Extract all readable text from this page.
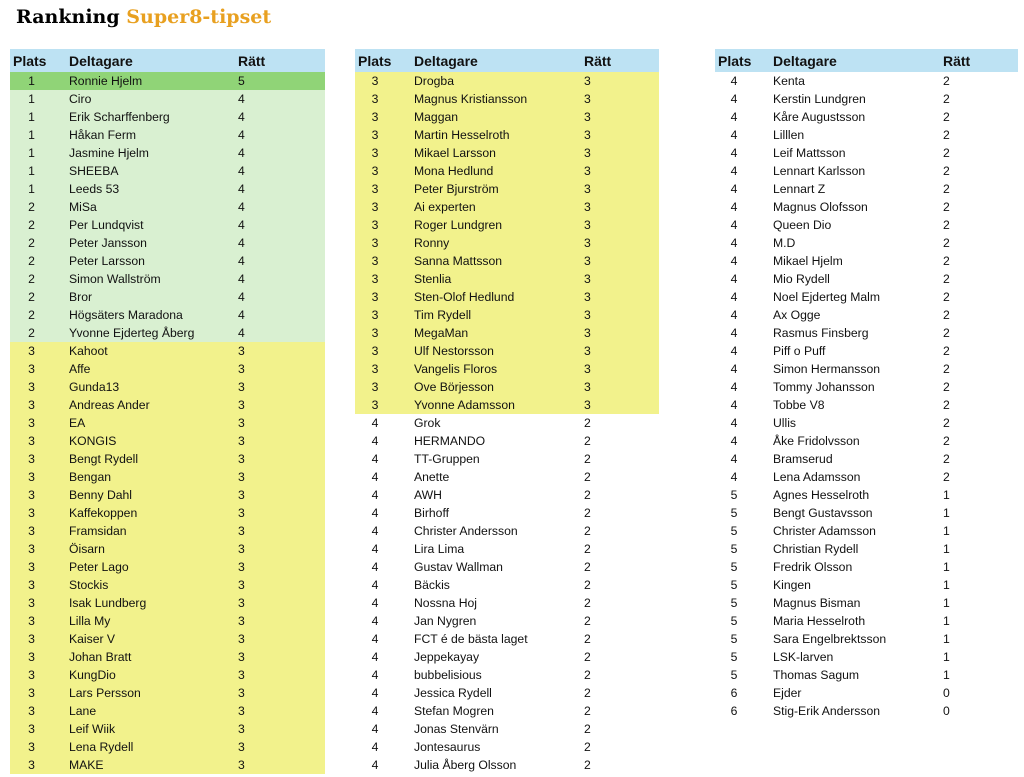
Rankning Super8-tipset
Plats	Deltagare	Rätt
1	Ronnie Hjelm	5
1	Ciro	4
1	Erik Scharffenberg	4
1	Håkan Ferm	4
1	Jasmine Hjelm	4
1	SHEEBA	4
1	Leeds 53	4
2	MiSa	4
2	Per Lundqvist	4
2	Peter Jansson	4
2	Peter Larsson	4
2	Simon Wallström	4
2	Bror	4
2	Högsäters Maradona	4
2	Yvonne Ejderteg Åberg	4
3	Kahoot	3
3	Affe	3
3	Gunda13	3
3	Andreas Ander	3
3	EA	3
3	KONGIS	3
3	Bengt Rydell	3
3	Bengan	3
3	Benny Dahl	3
3	Kaffekoppen	3
3	Framsidan	3
3	Öisarn	3
3	Peter Lago	3
3	Stockis	3
3	Isak Lundberg	3
3	Lilla My	3
3	Kaiser V	3
3	Johan Bratt	3
3	KungDio	3
3	Lars Persson	3
3	Lane	3
3	Leif Wiik	3
3	Lena Rydell	3
3	MAKE	3
Plats	Deltagare	Rätt
3	Drogba	3
3	Magnus Kristiansson	3
3	Maggan	3
3	Martin Hesselroth	3
3	Mikael Larsson	3
3	Mona Hedlund	3
3	Peter Bjurström	3
3	Ai experten	3
3	Roger Lundgren	3
3	Ronny	3
3	Sanna Mattsson	3
3	Stenlia	3
3	Sten-Olof Hedlund	3
3	Tim Rydell	3
3	MegaMan	3
3	Ulf Nestorsson	3
3	Vangelis Floros	3
3	Ove Börjesson	3
3	Yvonne Adamsson	3
4	Grok	2
4	HERMANDO	2
4	TT-Gruppen	2
4	Anette	2
4	AWH	2
4	Birhoff	2
4	Christer Andersson	2
4	Lira Lima	2
4	Gustav Wallman	2
4	Bäckis	2
4	Nossna Hoj	2
4	Jan Nygren	2
4	FCT é de bästa laget	2
4	Jeppekayay	2
4	bubbelisious	2
4	Jessica Rydell	2
4	Stefan Mogren	2
4	Jonas Stenvärn	2
4	Jontesaurus	2
4	Julia Åberg Olsson	2
Plats	Deltagare	Rätt
4	Kenta	2
4	Kerstin Lundgren	2
4	Kåre Augustsson	2
4	Lilllen	2
4	Leif Mattsson	2
4	Lennart Karlsson	2
4	Lennart Z	2
4	Magnus Olofsson	2
4	Queen Dio	2
4	M.D	2
4	Mikael Hjelm	2
4	Mio Rydell	2
4	Noel Ejderteg Malm	2
4	Ax Ogge	2
4	Rasmus Finsberg	2
4	Piff o Puff	2
4	Simon Hermansson	2
4	Tommy Johansson	2
4	Tobbe V8	2
4	Ullis	2
4	Åke Fridolvsson	2
4	Bramserud	2
4	Lena Adamsson	2
5	Agnes Hesselroth	1
5	Bengt Gustavsson	1
5	Christer Adamsson	1
5	Christian Rydell	1
5	Fredrik Olsson	1
5	Kingen	1
5	Magnus Bisman	1
5	Maria Hesselroth	1
5	Sara Engelbrektsson	1
5	LSK-larven	1
5	Thomas Sagum	1
6	Ejder	0
6	Stig-Erik Andersson	0
